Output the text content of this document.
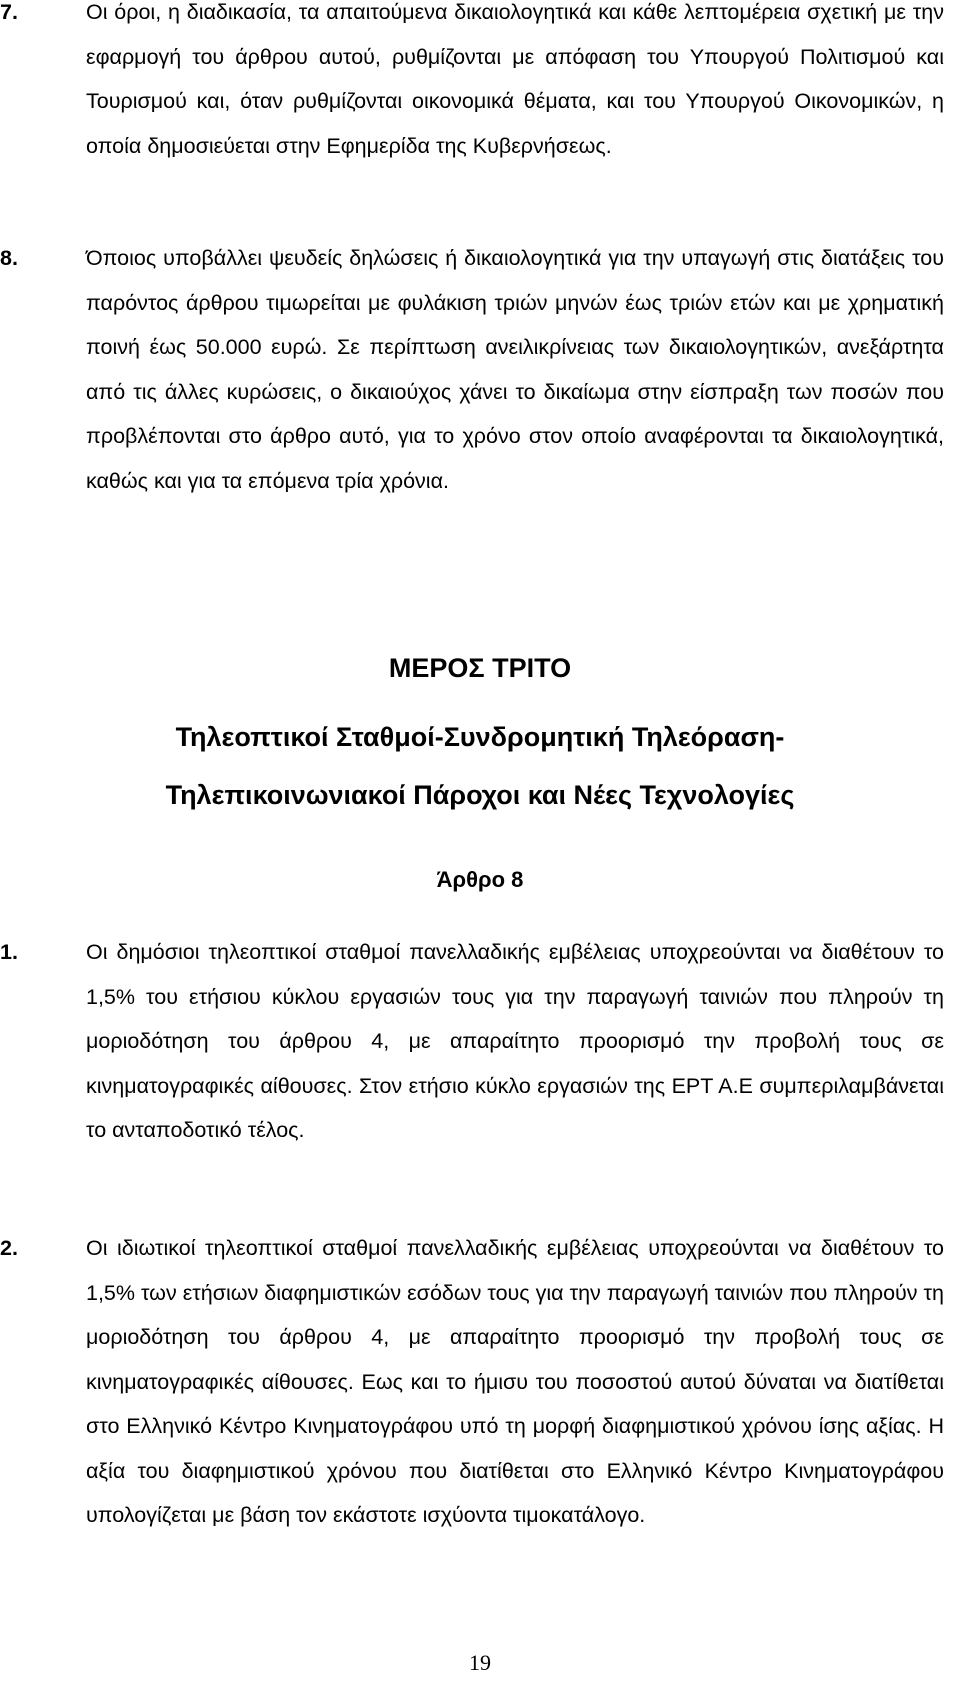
7.	Οι όροι, η διαδικασία, τα απαιτούμενα δικαιολογητικά και κάθε λεπτομέρεια σχετική με την εφαρμογή του άρθρου αυτού, ρυθμίζονται με απόφαση του Υπουργού Πολιτισμού και Τουρισμού και, όταν ρυθμίζονται οικονομικά θέματα, και του Υπουργού Οικονομικών, η οποία δημοσιεύεται στην Εφημερίδα της Κυβερνήσεως.
8.	Όποιος υποβάλλει ψευδείς δηλώσεις ή δικαιολογητικά για την υπαγωγή στις διατάξεις του παρόντος άρθρου τιμωρείται με φυλάκιση τριών μηνών έως τριών ετών και με χρηματική ποινή έως 50.000 ευρώ. Σε περίπτωση ανειλικρίνειας των δικαιολογητικών, ανεξάρτητα από τις άλλες κυρώσεις, ο δικαιούχος χάνει το δικαίωμα στην είσπραξη των ποσών που προβλέπονται στο άρθρο αυτό, για το χρόνο στον οποίο αναφέρονται τα δικαιολογητικά, καθώς και για τα επόμενα τρία χρόνια.
ΜΕΡΟΣ ΤΡΙΤΟ
Τηλεοπτικοί Σταθμοί-Συνδρομητική Τηλεόραση-
Τηλεπικοινωνιακοί Πάροχοι και Νέες Τεχνολογίες
Άρθρο 8
1.	Οι δημόσιοι τηλεοπτικοί σταθμοί πανελλαδικής εμβέλειας υποχρεούνται να διαθέτουν το 1,5% του ετήσιου κύκλου εργασιών τους για την παραγωγή ταινιών που πληρούν τη μοριοδότηση του άρθρου 4, με απαραίτητο προορισμό την προβολή τους σε κινηματογραφικές αίθουσες. Στον ετήσιο κύκλο εργασιών της ΕΡΤ Α.Ε συμπεριλαμβάνεται το ανταποδοτικό τέλος.
2.	Οι ιδιωτικοί τηλεοπτικοί σταθμοί πανελλαδικής εμβέλειας υποχρεούνται να διαθέτουν το 1,5% των ετήσιων διαφημιστικών εσόδων τους για την παραγωγή ταινιών που πληρούν τη μοριοδότηση του άρθρου 4, με απαραίτητο προορισμό την προβολή τους σε κινηματογραφικές αίθουσες. Εως και το ήμισυ του ποσοστού αυτού δύναται να διατίθεται στο Ελληνικό Κέντρο Κινηματογράφου υπό τη μορφή διαφημιστικού χρόνου ίσης αξίας. Η αξία του διαφημιστικού χρόνου που διατίθεται στο Ελληνικό Κέντρο Κινηματογράφου υπολογίζεται με βάση τον εκάστοτε ισχύοντα τιμοκατάλογο.
19
